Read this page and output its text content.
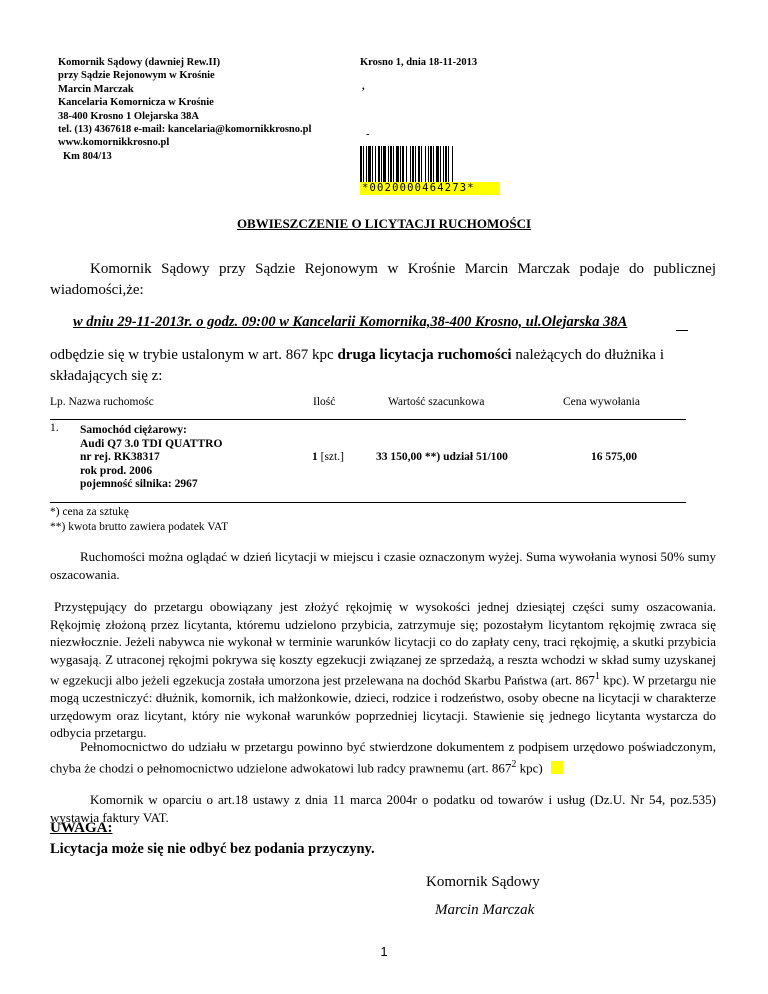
Komornik Sądowy (dawniej Rew.II)
przy Sądzie Rejonowym w Krośnie
Marcin Marczak
Kancelaria Komornicza w Krośnie
38-400 Krosno 1 Olejarska 38A
tel. (13) 4367618 e-mail: kancelaria@komornikkrosno.pl
www.komornikkrosno.pl
Km 804/13
Krosno 1, dnia 18-11-2013
,
-
*0020000464273*
OBWIESZCZENIE O LICYTACJI RUCHOMOŚCI
Komornik Sądowy przy Sądzie Rejonowym w Krośnie Marcin Marczak podaje do publicznej wiadomości,że:
w dniu 29-11-2013r. o godz. 09:00 w Kancelarii Komornika,38-400 Krosno, ul.Olejarska 38A
odbędzie się w trybie ustalonym w art. 867 kpc druga licytacja ruchomości należących do dłużnika i składających się z:
Lp. Nazwa ruchomośc	Ilość	Wartość szacunkowa	Cena wywołania
1. Samochód ciężarowy:
Audi Q7 3.0 TDI QUATTRO
nr rej. RK38317
rok prod. 2006
pojemność silnika: 2967
1 [szt.]	33 150,00 **) udział 51/100	16 575,00
*) cena za sztukę
**) kwota brutto zawiera podatek VAT
Ruchomości można oglądać w dzień licytacji w miejscu i czasie oznaczonym wyżej. Suma wywołania wynosi 50% sumy oszacowania.
Przystępujący do przetargu obowiązany jest złożyć rękojmię w wysokości jednej dziesiątej części sumy oszacowania. Rękojmię złożoną przez licytanta, któremu udzielono przybicia, zatrzymuje się; pozostałym licytantom rękojmię zwraca się niezwłocznie. Jeżeli nabywca nie wykonał w terminie warunków licytacji co do zapłaty ceny, traci rękojmię, a skutki przybicia wygasają. Z utraconej rękojmi pokrywa się koszty egzekucji związanej ze sprzedażą, a reszta wchodzi w skład sumy uzyskanej w egzekucji albo jeżeli egzekucja została umorzona jest przelewana na dochód Skarbu Państwa (art. $867^1$ kpc). W przetargu nie mogą uczestniczyć: dłużnik, komornik, ich małżonkowie, dzieci, rodzice i rodzeństwo, osoby obecne na licytacji w charakterze urzędowym oraz licytant, który nie wykonał warunków poprzedniej licytacji. Stawienie się jednego licytanta wystarcza do odbycia przetargu.
Pełnomocnictwo do udziału w przetargu powinno być stwierdzone dokumentem z podpisem urzędowo poświadczonym, chyba że chodzi o pełnomocnictwo udzielone adwokatowi lub radcy prawnemu (art. $867^2$ kpc)
Komornik w oparciu o art.18 ustawy z dnia 11 marca 2004r o podatku od towarów i usług (Dz.U. Nr 54, poz.535) wystawia faktury VAT.
UWAGA:
Licytacja może się nie odbyć bez podania przyczyny.
Komornik Sądowy
Marcin Marczak
1
